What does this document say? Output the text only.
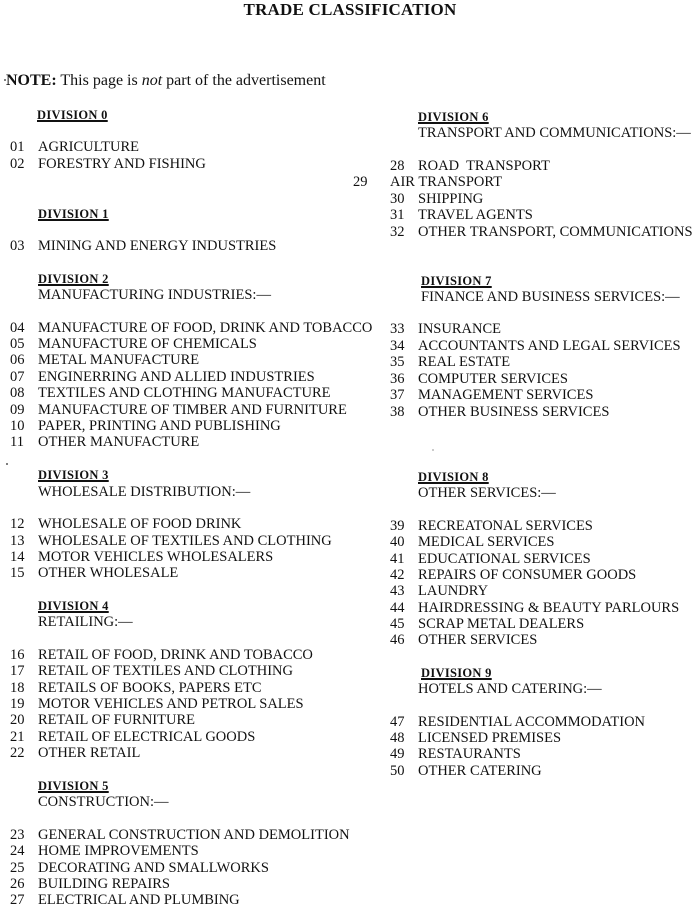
TRADE CLASSIFICATION
NOTE: This page is not part of the advertisement
DIVISION 0
01 AGRICULTURE
02 FORESTRY AND FISHING
DIVISION 1
03 MINING AND ENERGY INDUSTRIES
DIVISION 2
MANUFACTURING INDUSTRIES:—
04 MANUFACTURE OF FOOD, DRINK AND TOBACCO
05 MANUFACTURE OF CHEMICALS
06 METAL MANUFACTURE
07 ENGINERRING AND ALLIED INDUSTRIES
08 TEXTILES AND CLOTHING MANUFACTURE
09 MANUFACTURE OF TIMBER AND FURNITURE
10 PAPER, PRINTING AND PUBLISHING
11 OTHER MANUFACTURE
DIVISION 3
WHOLESALE DISTRIBUTION:—
12 WHOLESALE OF FOOD DRINK
13 WHOLESALE OF TEXTILES AND CLOTHING
14 MOTOR VEHICLES WHOLESALERS
15 OTHER WHOLESALE
DIVISION 4
RETAILING:—
16 RETAIL OF FOOD, DRINK AND TOBACCO
17 RETAIL OF TEXTILES AND CLOTHING
18 RETAILS OF BOOKS, PAPERS ETC
19 MOTOR VEHICLES AND PETROL SALES
20 RETAIL OF FURNITURE
21 RETAIL OF ELECTRICAL GOODS
22 OTHER RETAIL
DIVISION 5
CONSTRUCTION:—
23 GENERAL CONSTRUCTION AND DEMOLITION
24 HOME IMPROVEMENTS
25 DECORATING AND SMALLWORKS
26 BUILDING REPAIRS
27 ELECTRICAL AND PLUMBING
DIVISION 6
TRANSPORT AND COMMUNICATIONS:—
28 ROAD  TRANSPORT
29 AIR TRANSPORT
30 SHIPPING
31 TRAVEL AGENTS
32 OTHER TRANSPORT, COMMUNICATIONS
DIVISION 7
FINANCE AND BUSINESS SERVICES:—
33 INSURANCE
34 ACCOUNTANTS AND LEGAL SERVICES
35 REAL ESTATE
36 COMPUTER SERVICES
37 MANAGEMENT SERVICES
38 OTHER BUSINESS SERVICES
DIVISION 8
OTHER SERVICES:—
39 RECREATONAL SERVICES
40 MEDICAL SERVICES
41 EDUCATIONAL SERVICES
42 REPAIRS OF CONSUMER GOODS
43 LAUNDRY
44 HAIRDRESSING & BEAUTY PARLOURS
45 SCRAP METAL DEALERS
46 OTHER SERVICES
DIVISION 9
HOTELS AND CATERING:—
47 RESIDENTIAL ACCOMMODATION
48 LICENSED PREMISES
49 RESTAURANTS
50 OTHER CATERING
